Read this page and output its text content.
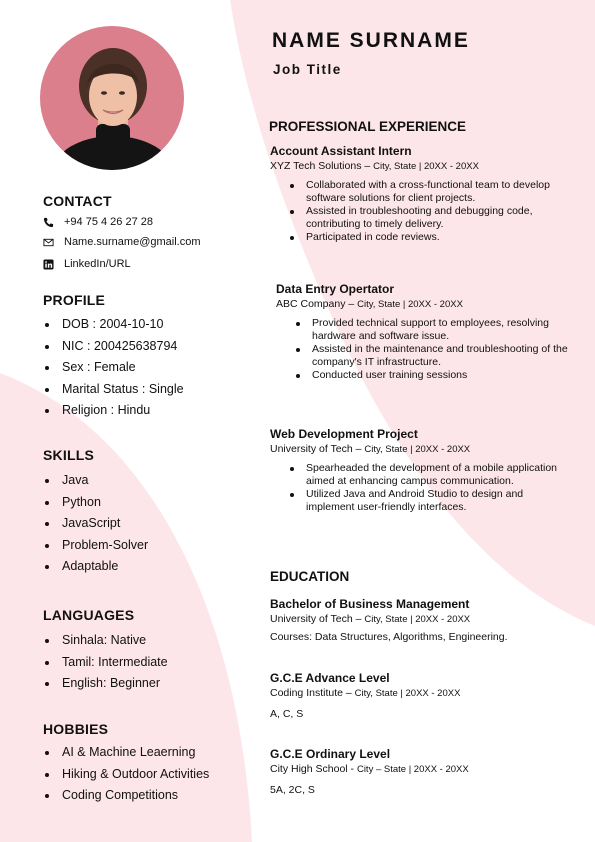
NAME SURNAME
Job Title
CONTACT
+94 75 4 26 27 28
Name.surname@gmail.com
LinkedIn/URL
PROFILE
DOB : 2004-10-10
NIC : 200425638794
Sex : Female
Marital Status : Single
Religion : Hindu
SKILLS
Java
Python
JavaScript
Problem-Solver
Adaptable
LANGUAGES
Sinhala: Native
Tamil: Intermediate
English: Beginner
HOBBIES
AI & Machine Leaerning
Hiking & Outdoor Activities
Coding Competitions
PROFESSIONAL EXPERIENCE
Account Assistant Intern
XYZ Tech Solutions – City, State | 20XX - 20XX
Collaborated with a cross-functional team to develop software solutions for client projects.
Assisted in troubleshooting and debugging code, contributing to timely delivery.
Participated in code reviews.
Data Entry Opertator
ABC Company – City, State | 20XX - 20XX
Provided technical support to employees, resolving hardware and software issue.
Assisted in the maintenance and troubleshooting of the company's IT infrastructure.
Conducted user training sessions
Web Development Project
University of Tech – City, State | 20XX - 20XX
Spearheaded the development of a mobile application aimed at enhancing campus communication.
Utilized Java and Android Studio to design and implement user-friendly interfaces.
EDUCATION
Bachelor of Business Management
University of Tech – City, State | 20XX - 20XX
Courses: Data Structures, Algorithms, Engineering.
G.C.E Advance Level
Coding Institute – City, State | 20XX - 20XX
A, C, S
G.C.E Ordinary Level
City High School - City – State | 20XX - 20XX
5A, 2C, S
